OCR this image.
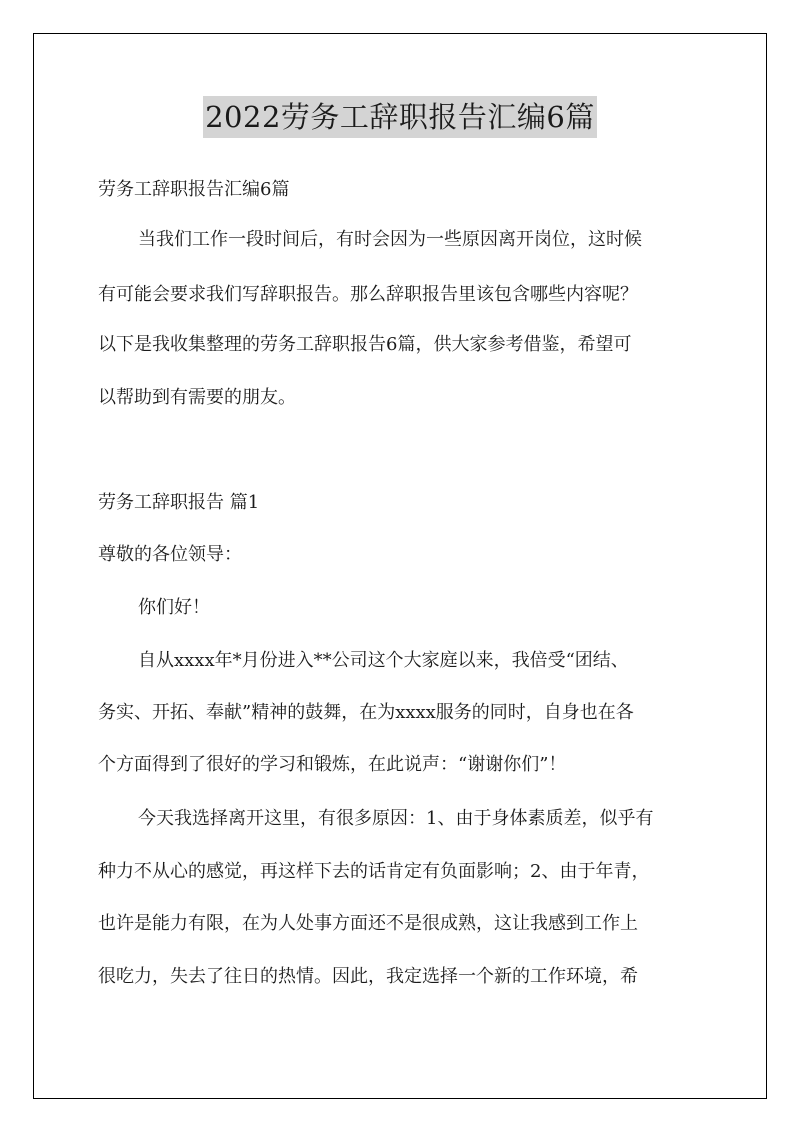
2022劳务工辞职报告汇编6篇
劳务工辞职报告汇编6篇
当我们工作一段时间后，有时会因为一些原因离开岗位，这时候
有可能会要求我们写辞职报告。那么辞职报告里该包含哪些内容呢？
以下是我收集整理的劳务工辞职报告6篇，供大家参考借鉴，希望可
以帮助到有需要的朋友。
劳务工辞职报告 篇1
尊敬的各位领导：
你们好！
自从xxxx年*月份进入**公司这个大家庭以来，我倍受“团结、
务实、开拓、奉献”精神的鼓舞，在为xxxx服务的同时，自身也在各
个方面得到了很好的学习和锻炼，在此说声：“谢谢你们”！
今天我选择离开这里，有很多原因：1、由于身体素质差，似乎有
种力不从心的感觉，再这样下去的话肯定有负面影响；2、由于年青，
也许是能力有限，在为人处事方面还不是很成熟，这让我感到工作上
很吃力，失去了往日的热情。因此，我定选择一个新的工作环境，希
